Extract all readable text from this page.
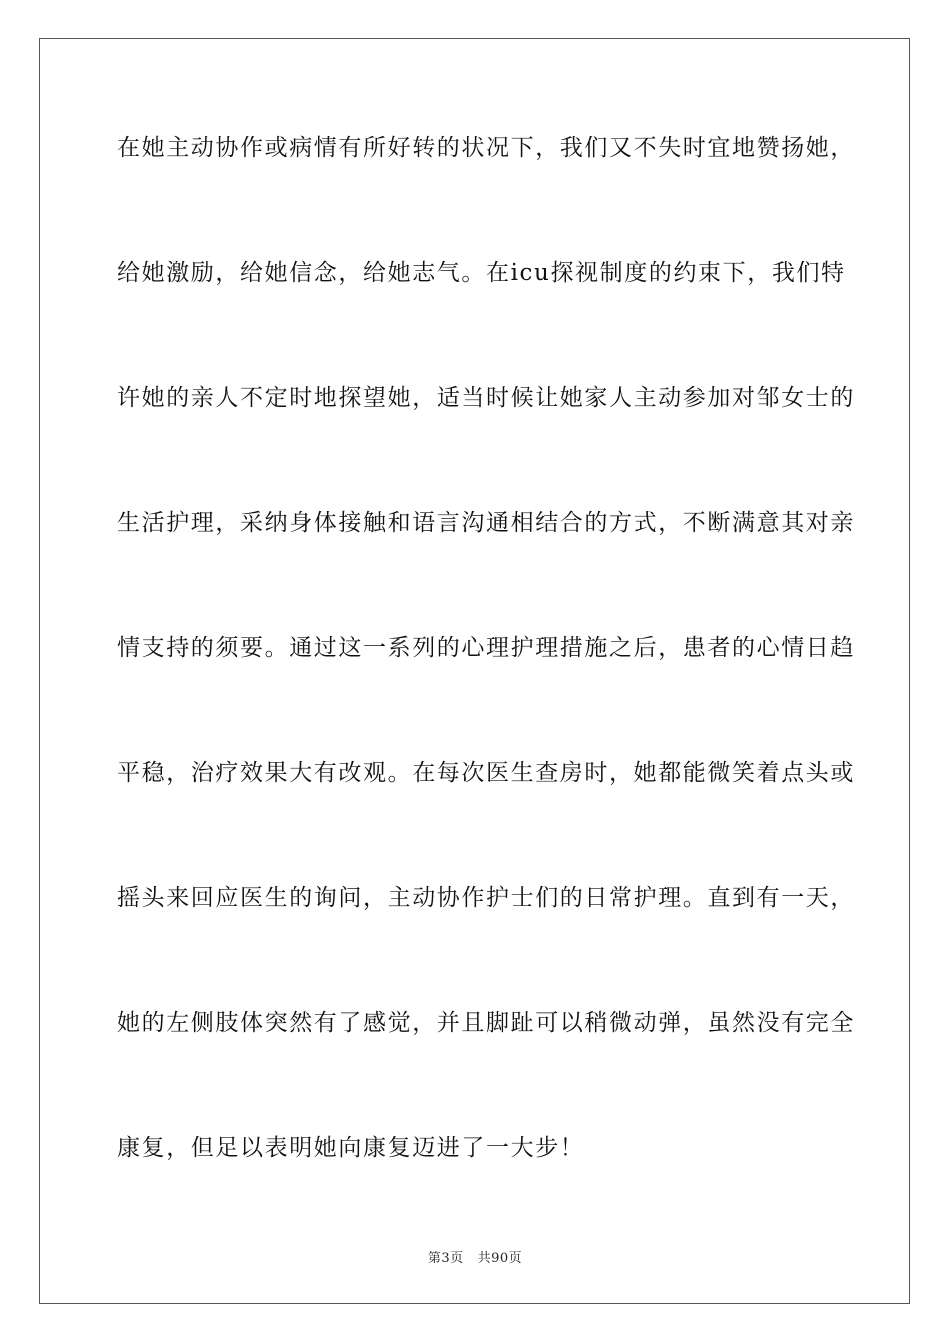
在她主动协作或病情有所好转的状况下，我们又不失时宜地赞扬她，
给她激励，给她信念，给她志气。在icu探视制度的约束下，我们特
许她的亲人不定时地探望她，适当时候让她家人主动参加对邹女士的
生活护理，采纳身体接触和语言沟通相结合的方式，不断满意其对亲
情支持的须要。通过这一系列的心理护理措施之后，患者的心情日趋
平稳，治疗效果大有改观。在每次医生查房时，她都能微笑着点头或
摇头来回应医生的询问，主动协作护士们的日常护理。直到有一天，
她的左侧肢体突然有了感觉，并且脚趾可以稍微动弹，虽然没有完全
康复，但足以表明她向康复迈进了一大步！
第3页 共90页
